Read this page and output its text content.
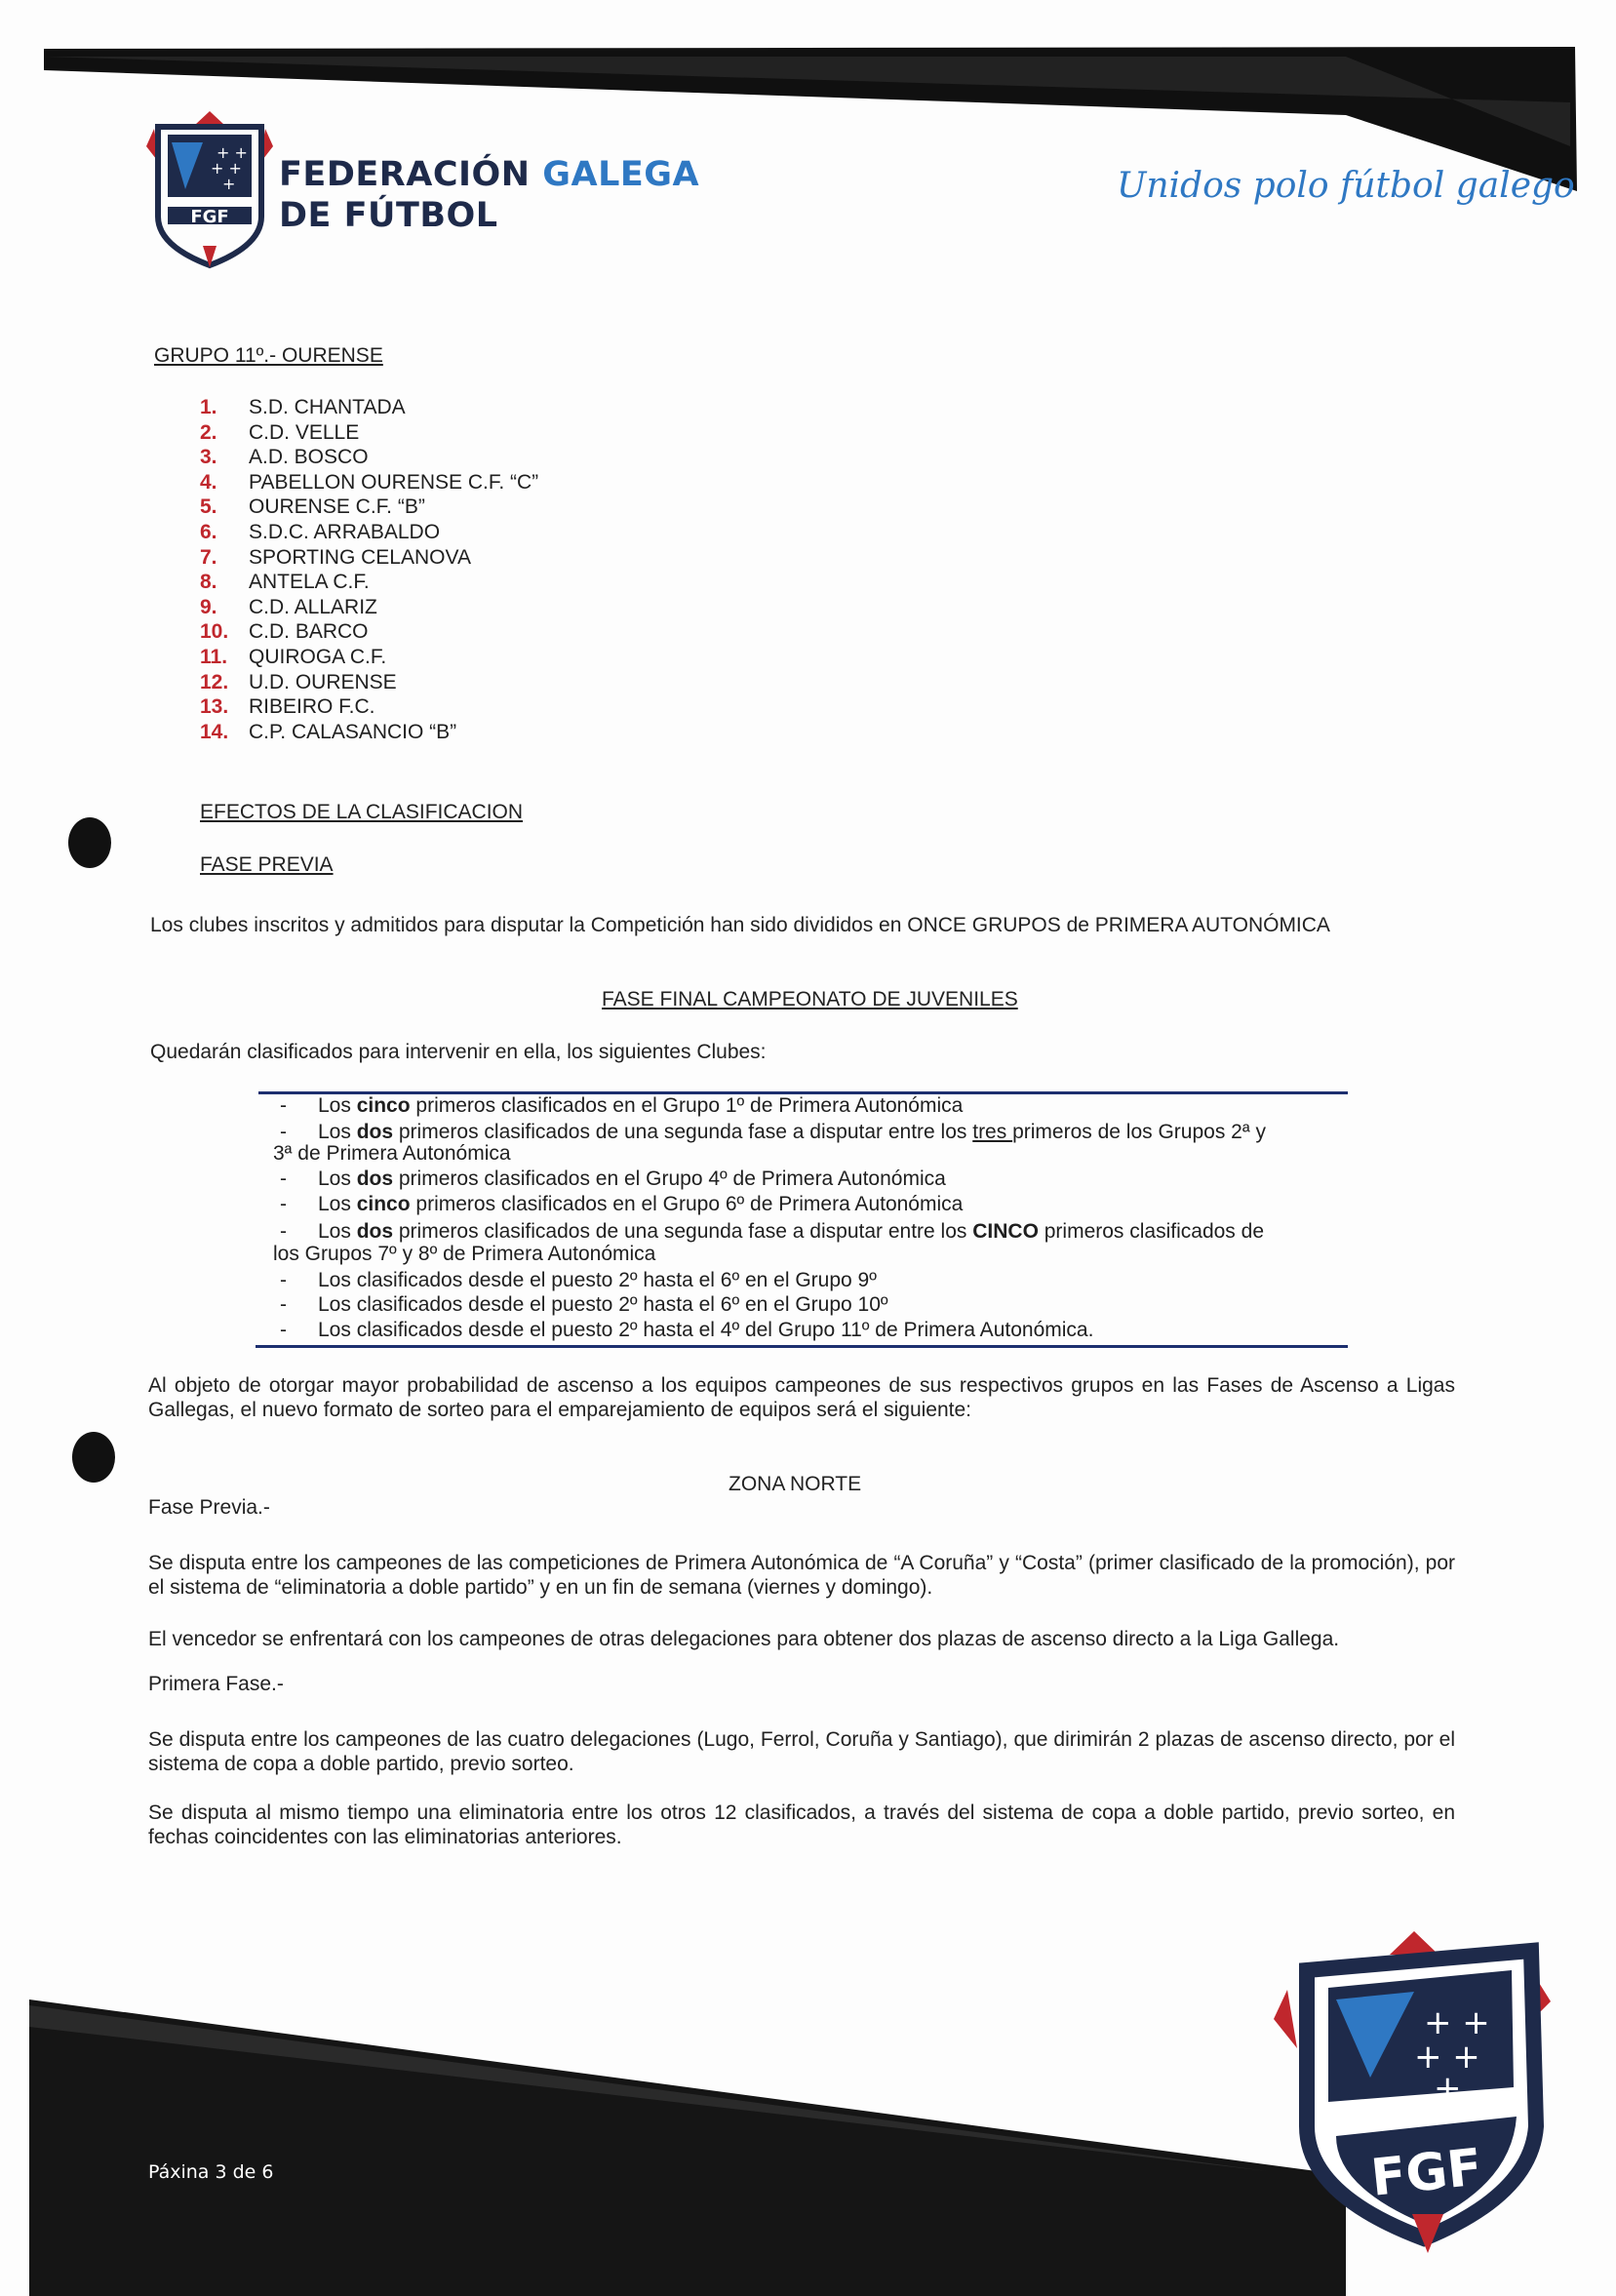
+ +
+ +
+
FGF
FEDERACIÓN GALEGA
DE FÚTBOL
Unidos polo fútbol galego
GRUPO 11º.- OURENSE
1. S.D. CHANTADA
2. C.D. VELLE
3. A.D. BOSCO
4. PABELLON OURENSE C.F. “C”
5. OURENSE C.F. “B”
6. S.D.C. ARRABALDO
7. SPORTING CELANOVA
8. ANTELA C.F.
9. C.D. ALLARIZ
10. C.D. BARCO
11. QUIROGA C.F.
12. U.D. OURENSE
13. RIBEIRO F.C.
14. C.P. CALASANCIO “B”
EFECTOS DE LA CLASIFICACION
FASE PREVIA
Los clubes inscritos y admitidos para disputar la Competición han sido divididos en ONCE GRUPOS de PRIMERA AUTONÓMICA
FASE FINAL CAMPEONATO DE JUVENILES
Quedarán clasificados para intervenir en ella, los siguientes Clubes:
- Los cinco primeros clasificados en el Grupo 1º de Primera Autonómica
- Los dos primeros clasificados de una segunda fase a disputar entre los tres primeros de los Grupos 2ª y
3ª de Primera Autonómica
- Los dos primeros clasificados en el Grupo 4º de Primera Autonómica
- Los cinco primeros clasificados en el Grupo 6º de Primera Autonómica
- Los dos primeros clasificados de una segunda fase a disputar entre los CINCO primeros clasificados de
los Grupos 7º y 8º de Primera Autonómica
- Los clasificados desde el puesto 2º hasta el 6º en el Grupo 9º
- Los clasificados desde el puesto 2º hasta el 6º en el Grupo 10º
- Los clasificados desde el puesto 2º hasta el 4º del Grupo 11º de Primera Autonómica.
Al objeto de otorgar mayor probabilidad de ascenso a los equipos campeones de sus respectivos grupos en las Fases de Ascenso a Ligas Gallegas, el nuevo formato de sorteo para el emparejamiento de equipos será el siguiente:
ZONA NORTE
Fase Previa.-
Se disputa entre los campeones de las competiciones de Primera Autonómica de “A Coruña” y “Costa” (primer clasificado de la promoción), por el sistema de “eliminatoria a doble partido” y en un fin de semana (viernes y domingo).
El vencedor se enfrentará con los campeones de otras delegaciones para obtener dos plazas de ascenso directo a la Liga Gallega.
Primera Fase.-
Se disputa entre los campeones de las cuatro delegaciones (Lugo, Ferrol, Coruña y Santiago), que dirimirán 2 plazas de ascenso directo, por el sistema de copa a doble partido, previo sorteo.
Se disputa al mismo tiempo una eliminatoria entre los otros 12 clasificados, a través del sistema de copa a doble partido, previo sorteo, en fechas coincidentes con las eliminatorias anteriores.
Páxina 3 de 6
+ +
+ +
+
FGF
